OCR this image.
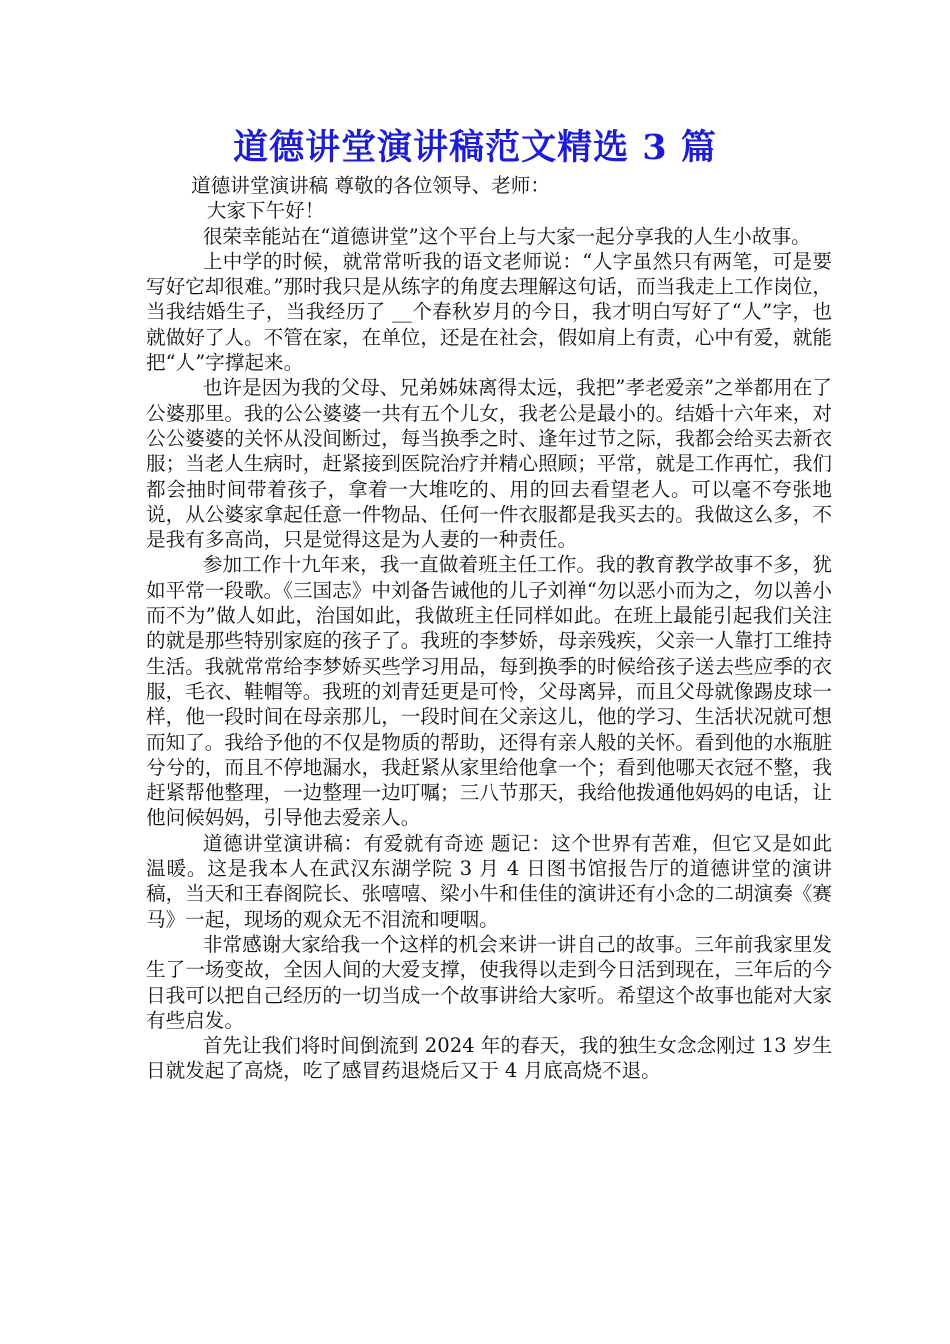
道德讲堂演讲稿范文精选 3 篇

道德讲堂演讲稿 尊敬的各位领导、老师：

大家下午好！

很荣幸能站在“道德讲堂”这个平台上与大家一起分享我的人生小故事。

上中学的时候，就常常听我的语文老师说：“人字虽然只有两笔，可是要写好它却很难。”那时我只是从练字的角度去理解这句话，而当我走上工作岗位，当我结婚生子，当我经历了 __个春秋岁月的今日，我才明白写好了“人”字，也就做好了人。不管在家，在单位，还是在社会，假如肩上有责，心中有爱，就能把“人”字撑起来。

也许是因为我的父母、兄弟姊妹离得太远，我把”孝老爱亲”之举都用在了公婆那里。我的公公婆婆一共有五个儿女，我老公是最小的。结婚十六年来，对公公婆婆的关怀从没间断过，每当换季之时、逢年过节之际，我都会给买去新衣服；当老人生病时，赶紧接到医院治疗并精心照顾；平常，就是工作再忙，我们都会抽时间带着孩子，拿着一大堆吃的、用的回去看望老人。可以毫不夸张地说，从公婆家拿起任意一件物品、任何一件衣服都是我买去的。我做这么多，不是我有多高尚，只是觉得这是为人妻的一种责任。

参加工作十九年来，我一直做着班主任工作。我的教育教学故事不多，犹如平常一段歌。《三国志》中刘备告诫他的儿子刘禅“勿以恶小而为之，勿以善小而不为”做人如此，治国如此，我做班主任同样如此。在班上最能引起我们关注的就是那些特别家庭的孩子了。我班的李梦娇，母亲残疾，父亲一人靠打工维持生活。我就常常给李梦娇买些学习用品，每到换季的时候给孩子送去些应季的衣服，毛衣、鞋帽等。我班的刘青廷更是可怜，父母离异，而且父母就像踢皮球一样，他一段时间在母亲那儿，一段时间在父亲这儿，他的学习、生活状况就可想而知了。我给予他的不仅是物质的帮助，还得有亲人般的关怀。看到他的水瓶脏兮兮的，而且不停地漏水，我赶紧从家里给他拿一个；看到他哪天衣冠不整，我赶紧帮他整理，一边整理一边叮嘱；三八节那天，我给他拨通他妈妈的电话，让他问候妈妈，引导他去爱亲人。

道德讲堂演讲稿：有爱就有奇迹 题记：这个世界有苦难，但它又是如此温暖。这是我本人在武汉东湖学院 3 月 4 日图书馆报告厅的道德讲堂的演讲稿，当天和王春阁院长、张嘻嘻、梁小牛和佳佳的演讲还有小念的二胡演奏《赛马》一起，现场的观众无不泪流和哽咽。

非常感谢大家给我一个这样的机会来讲一讲自己的故事。三年前我家里发生了一场变故，全因人间的大爱支撑，使我得以走到今日活到现在，三年后的今日我可以把自己经历的一切当成一个故事讲给大家听。希望这个故事也能对大家有些启发。

首先让我们将时间倒流到 2024 年的春天，我的独生女念念刚过 13 岁生日就发起了高烧，吃了感冒药退烧后又于 4 月底高烧不退。
